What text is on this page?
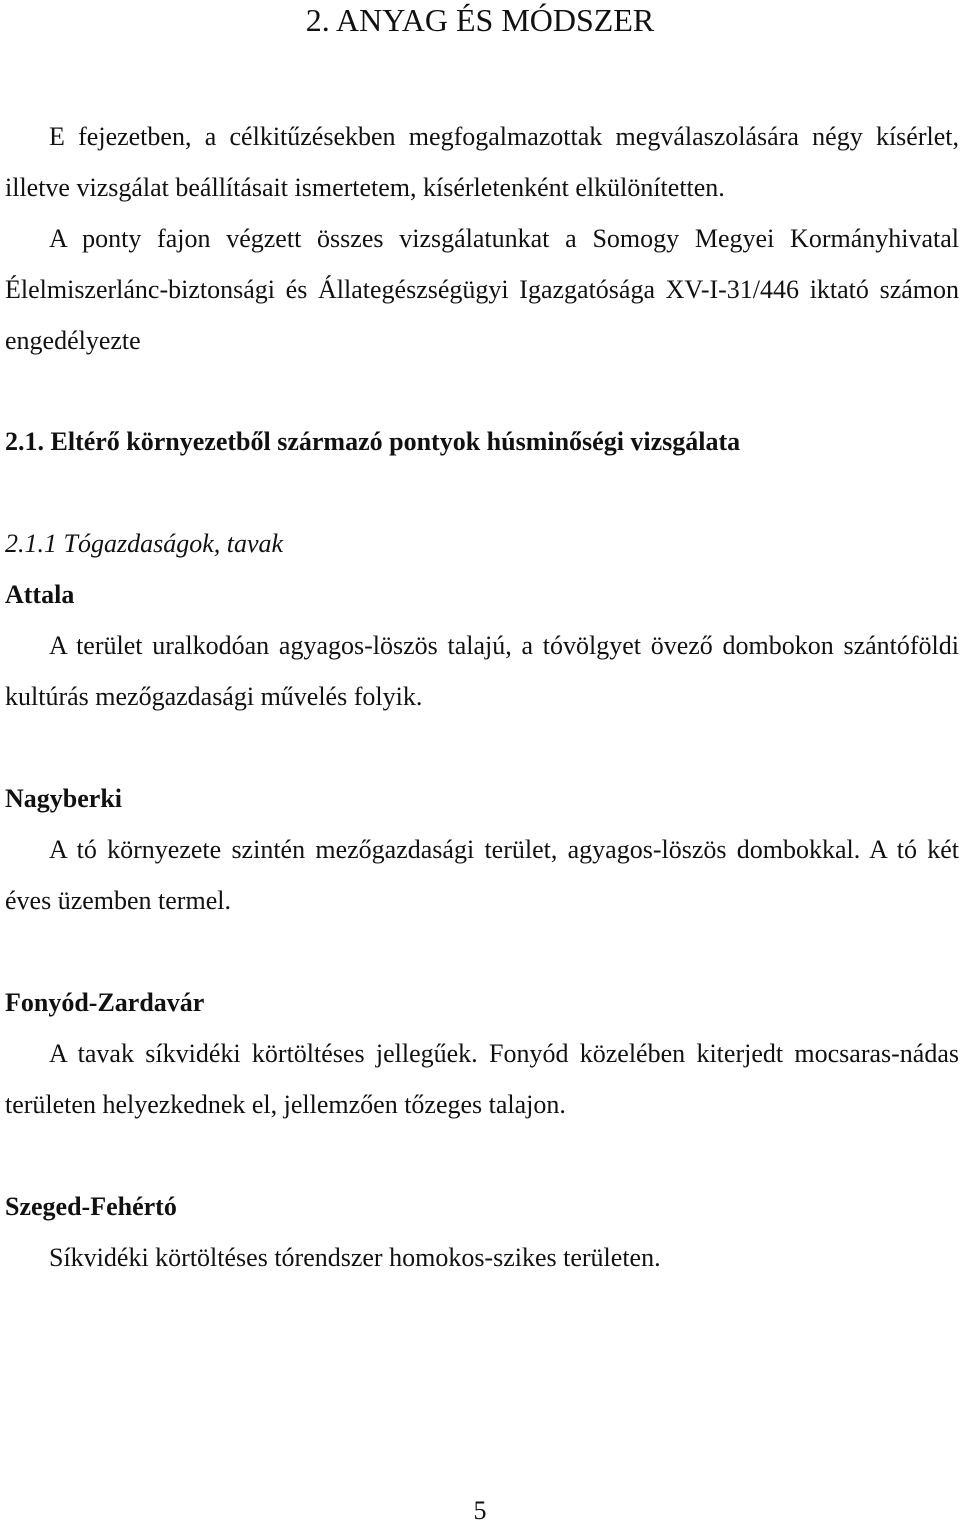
2. ANYAG ÉS MÓDSZER

E fejezetben, a célkitűzésekben megfogalmazottak megválaszolására négy kísérlet, illetve vizsgálat beállításait ismertetem, kísérletenként elkülönítetten.

A ponty fajon végzett összes vizsgálatunkat a Somogy Megyei Kormányhivatal Élelmiszerlánc-biztonsági és Állategészségügyi Igazgatósága XV-I-31/446 iktató számon engedélyezte

2.1. Eltérő környezetből származó pontyok húsminőségi vizsgálata

2.1.1 Tógazdaságok, tavak

Attala

A terület uralkodóan agyagos-löszös talajú, a tóvölgyet övező dombokon szántóföldi kultúrás mezőgazdasági művelés folyik.

Nagyberki

A tó környezete szintén mezőgazdasági terület, agyagos-löszös dombokkal. A tó két éves üzemben termel.

Fonyód-Zardavár

A tavak síkvidéki körtöltéses jellegűek. Fonyód közelében kiterjedt mocsaras-nádas területen helyezkednek el, jellemzően tőzeges talajon.

Szeged-Fehértó

Síkvidéki körtöltéses tórendszer homokos-szikes területen.

5
